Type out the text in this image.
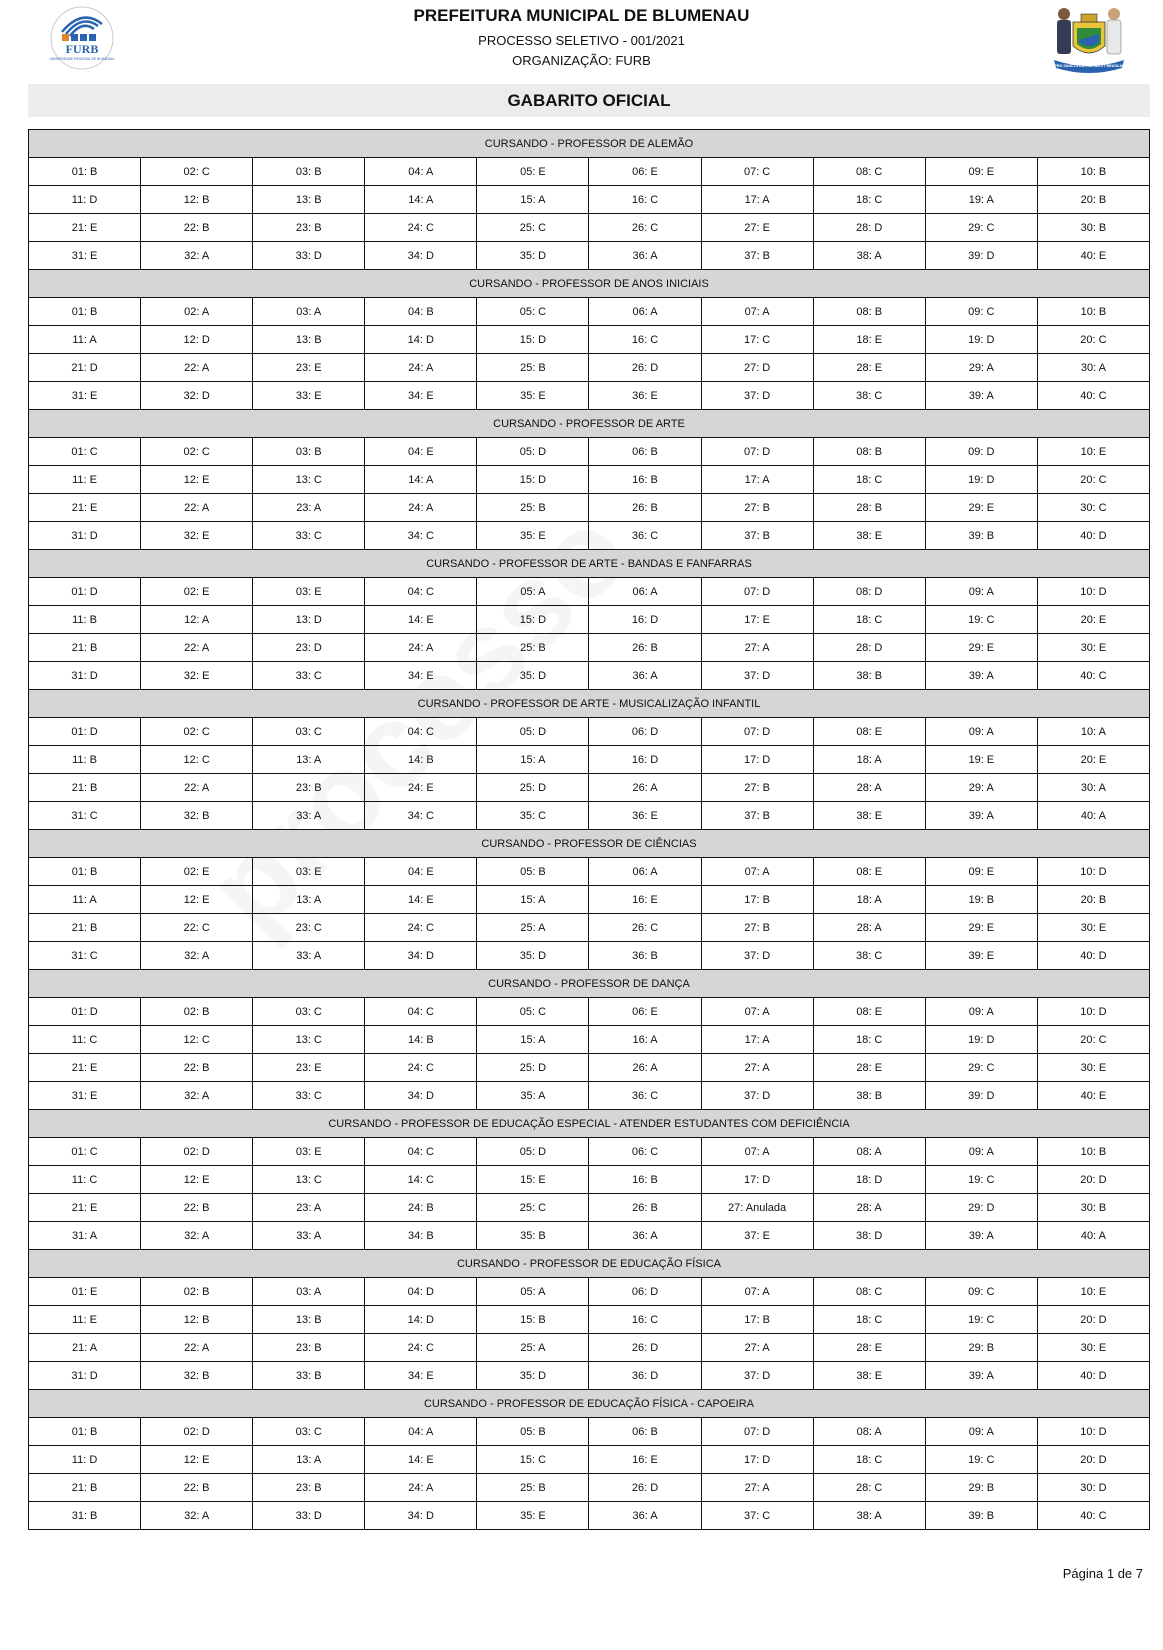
FURB
UNIVERSIDADE REGIONAL DE BLUMENAU
PREFEITURA MUNICIPAL DE BLUMENAU
PROCESSO SELETIVO - 001/2021
ORGANIZAÇÃO: FURB	PRO SANCTA CATHARINA ET BRASILIA
GABARITO OFICIAL
CURSANDO - PROFESSOR DE ALEMÃO									
01: B	02: C	03: B	04: A	05: E	06: E	07: C	08: C	09: E	10: B
11: D	12: B	13: B	14: A	15: A	16: C	17: A	18: C	19: A	20: B
21: E	22: B	23: B	24: C	25: C	26: C	27: E	28: D	29: C	30: B
31: E	32: A	33: D	34: D	35: D	36: A	37: B	38: A	39: D	40: E
CURSANDO - PROFESSOR DE ANOS INICIAIS									
01: B	02: A	03: A	04: B	05: C	06: A	07: A	08: B	09: C	10: B
11: A	12: D	13: B	14: D	15: D	16: C	17: C	18: E	19: D	20: C
21: D	22: A	23: E	24: A	25: B	26: D	27: D	28: E	29: A	30: A
31: E	32: D	33: E	34: E	35: E	36: E	37: D	38: C	39: A	40: C
CURSANDO - PROFESSOR DE ARTE									
01: C	02: C	03: B	04: E	05: D	06: B	07: D	08: B	09: D	10: E
11: E	12: E	13: C	14: A	15: D	16: B	17: A	18: C	19: D	20: C
21: E	22: A	23: A	24: A	25: B	26: B	27: B	28: B	29: E	30: C
31: D	32: E	33: C	34: C	35: E	36: C	37: B	38: E	39: B	40: D
CURSANDO - PROFESSOR DE ARTE - BANDAS E FANFARRAS									
01: D	02: E	03: E	04: C	05: A	06: A	07: D	08: D	09: A	10: D
11: B	12: A	13: D	14: E	15: D	16: D	17: E	18: C	19: C	20: E
21: B	22: A	23: D	24: A	25: B	26: B	27: A	28: D	29: E	30: E
31: D	32: E	33: C	34: E	35: D	36: A	37: D	38: B	39: A	40: C
CURSANDO - PROFESSOR DE ARTE - MUSICALIZAÇÃO INFANTIL									
01: D	02: C	03: C	04: C	05: D	06: D	07: D	08: E	09: A	10: A
11: B	12: C	13: A	14: B	15: A	16: D	17: D	18: A	19: E	20: E
21: B	22: A	23: B	24: E	25: D	26: A	27: B	28: A	29: A	30: A
31: C	32: B	33: A	34: C	35: C	36: E	37: B	38: E	39: A	40: A
CURSANDO - PROFESSOR DE CIÊNCIAS									
01: B	02: E	03: E	04: E	05: B	06: A	07: A	08: E	09: E	10: D
11: A	12: E	13: A	14: E	15: A	16: E	17: B	18: A	19: B	20: B
21: B	22: C	23: C	24: C	25: A	26: C	27: B	28: A	29: E	30: E
31: C	32: A	33: A	34: D	35: D	36: B	37: D	38: C	39: E	40: D
CURSANDO - PROFESSOR DE DANÇA									
01: D	02: B	03: C	04: C	05: C	06: E	07: A	08: E	09: A	10: D
11: C	12: C	13: C	14: B	15: A	16: A	17: A	18: C	19: D	20: C
21: E	22: B	23: E	24: C	25: D	26: A	27: A	28: E	29: C	30: E
31: E	32: A	33: C	34: D	35: A	36: C	37: D	38: B	39: D	40: E
CURSANDO - PROFESSOR DE EDUCAÇÃO ESPECIAL - ATENDER ESTUDANTES COM DEFICIÊNCIA									
01: C	02: D	03: E	04: C	05: D	06: C	07: A	08: A	09: A	10: B
11: C	12: E	13: C	14: C	15: E	16: B	17: D	18: D	19: C	20: D
21: E	22: B	23: A	24: B	25: C	26: B	27: Anulada	28: A	29: D	30: B
31: A	32: A	33: A	34: B	35: B	36: A	37: E	38: D	39: A	40: A
CURSANDO - PROFESSOR DE EDUCAÇÃO FÍSICA									
01: E	02: B	03: A	04: D	05: A	06: D	07: A	08: C	09: C	10: E
11: E	12: B	13: B	14: D	15: B	16: C	17: B	18: C	19: C	20: D
21: A	22: A	23: B	24: C	25: A	26: D	27: A	28: E	29: B	30: E
31: D	32: B	33: B	34: E	35: D	36: D	37: D	38: E	39: A	40: D
CURSANDO - PROFESSOR DE EDUCAÇÃO FÍSICA - CAPOEIRA									
01: B	02: D	03: C	04: A	05: B	06: B	07: D	08: A	09: A	10: D
11: D	12: E	13: A	14: E	15: C	16: E	17: D	18: C	19: C	20: D
21: B	22: B	23: B	24: A	25: B	26: D	27: A	28: C	29: B	30: D
31: B	32: A	33: D	34: D	35: E	36: A	37: C	38: A	39: B	40: C
Página 1 de 7
